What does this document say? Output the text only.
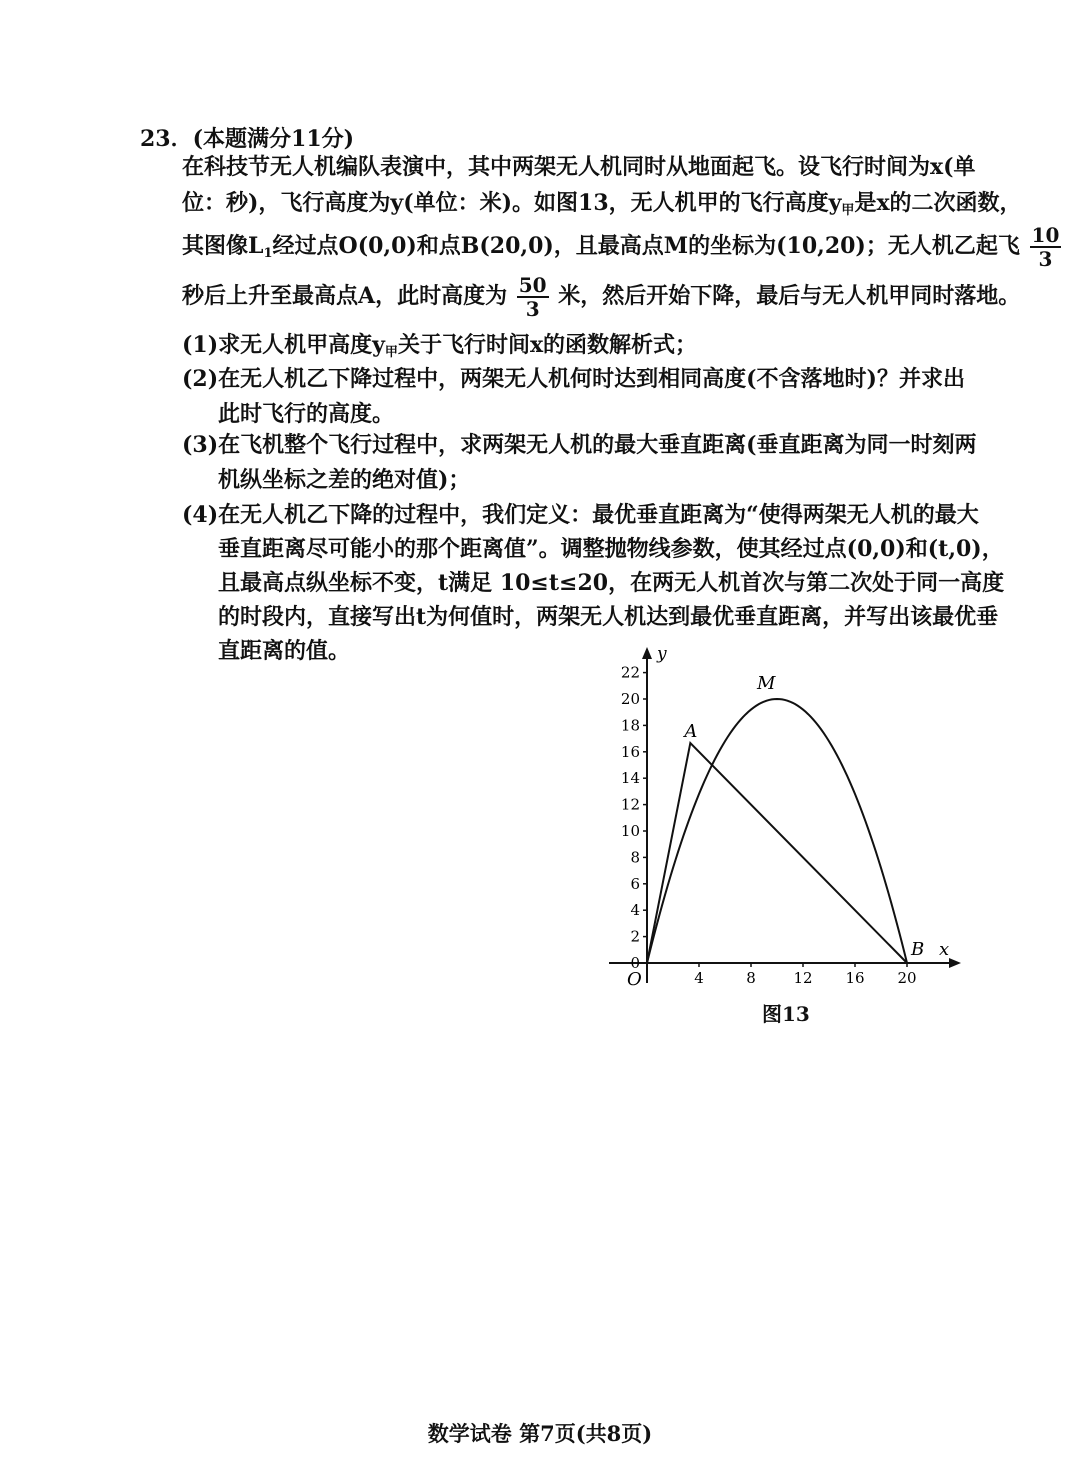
23．(本题满分11分)
在科技节无人机编队表演中，其中两架无人机同时从地面起飞。设飞行时间为x(单
位：秒)，飞行高度为y(单位：米)。如图13，无人机甲的飞行高度$y_甲$是x的二次函数，
其图像$L_1$经过点O(0,0)和点B(20,0)，且最高点M的坐标为(10,20)；无人机乙起飞 $\frac{10}{3}$
秒后上升至最高点A，此时高度为 $\frac{50}{3}$ 米，然后开始下降，最后与无人机甲同时落地。
(1)求无人机甲高度$y_甲$关于飞行时间x的函数解析式；
(2)在无人机乙下降过程中，两架无人机何时达到相同高度(不含落地时)？并求出
此时飞行的高度。
(3)在飞机整个飞行过程中，求两架无人机的最大垂直距离(垂直距离为同一时刻两
机纵坐标之差的绝对值)；
(4)在无人机乙下降的过程中，我们定义：最优垂直距离为“使得两架无人机的最大
垂直距离尽可能小的那个距离值”。调整抛物线参数，使其经过点(0,0)和(t,0)，
且最高点纵坐标不变，t满足 10≤t≤20，在两无人机首次与第二次处于同一高度
的时段内，直接写出t为何值时，两架无人机达到最优垂直距离，并写出该最优垂
直距离的值。	y
x
0
2
4
6
8
10
12
14
16
18
20
22
4	8	12 16 20
O
A
M
B
图13
数学试卷 第7页(共8页)
